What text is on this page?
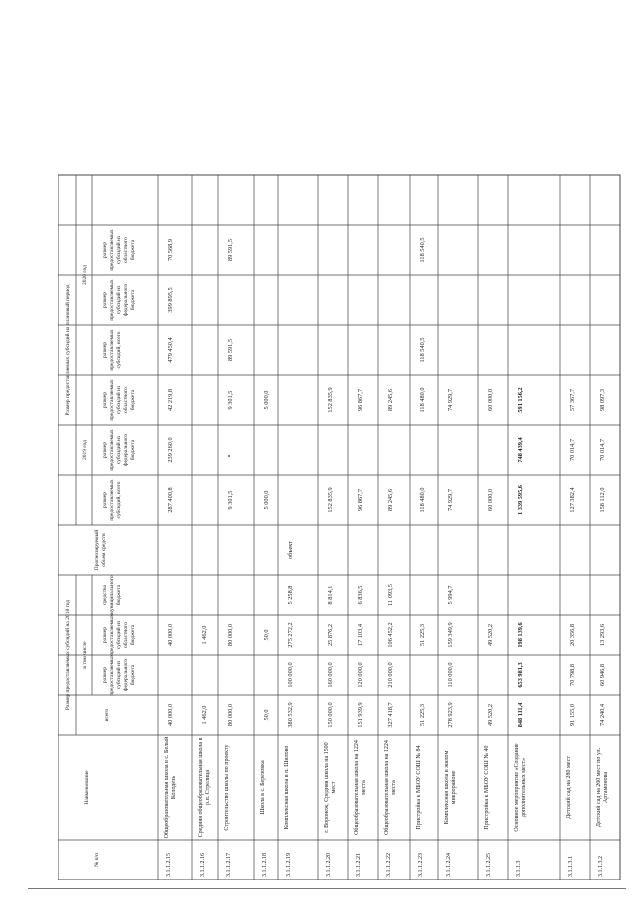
№ п/п
Наименование
Размер предоставляемых субсидий на 2018 год
всего
в том числе
размер предоставляемых субсидий из федерального бюджета
размер предоставляемых субсидий из областного бюджета
средства муниципального бюджета
Прогнозируемый объем средств
Размер предоставляемых субсидий на плановый период
2019 год
2020 год
размер предоставляемых субсидий, всего
размер предоставляемых субсидий из федерального бюджета
размер предоставляемых субсидий из областного бюджета
размер предоставляемых субсидий, всего
размер предоставляемых субсидий из федерального бюджета
размер предоставляемых субсидий из областного бюджета
3.1.1.2.15
Общеобразовательная школа в с. Белый Колодезь
40 000,0
40 000,0
287 400,8
239 260,0
42 219,8
479 450,4
399 895,5
70 568,9
3.1.1.2.16
Средняя общеобразовательная школа в р.п. Стрелица
1 462,0
1 462,0
3.1.1.2.17
Строительство школы по проекту
80 000,0
80 000,0
9 301,5
9 301,5
89 591,5
89 591,5
3.1.1.2.18
Школа в с. Березовка
50,0
50,0
5 000,0
5 000,0
3.1.1.2.19
Комплексная школа в п. Шилово
380 532,9
100 000,0
275 272,2
5 258,8
объект
3.1.1.2.20
г. Воронеж, Средняя школа на 1500 мест
150 000,0
160 000,0
25 876,2
8 814,1
152 835,9
152 835,9
3.1.1.2.21
Общеобразовательная школа на 1224 места
151 939,9
120 000,0
17 103,4
6 836,5
96 867,7
96 867,7
3.1.1.2.22
Общеобразовательная школа на 1224 места
327 418,7
210 000,0
106 452,2
11 093,5
89 245,6
89 245,6
3.1.1.2.23
Пристройка к МБОУ СОШ № 84
51 225,3
51 225,3
118 480,0
118 480,0
118 540,5
118 540,5
3.1.1.2.24
Комплексная школа в жилом микрорайоне
278 923,9
110 000,0
159 349,9
5 994,7
74 929,7
74 929,7
3.1.1.2.25
Пристройка к МБОУ СОШ № 40
49 520,2
49 520,2
60 000,0
60 000,0
3.1.1.3
Основное мероприятие «Создание дополнительных мест»
848 111,4
653 981,3
198 139,6
1 339 595,6
748 439,4
591 156,2
3.1.1.3.1
Детский сад на 280 мест
91 155,0
70 798,8
20 356,8
127 382,4
70 014,7
57 367,7
3.1.1.3.2
Детский сад на 260 мест по ул. Артамонова
74 240,4
60 946,8
13 293,6
158 112,0
70 014,7
98 097,3
